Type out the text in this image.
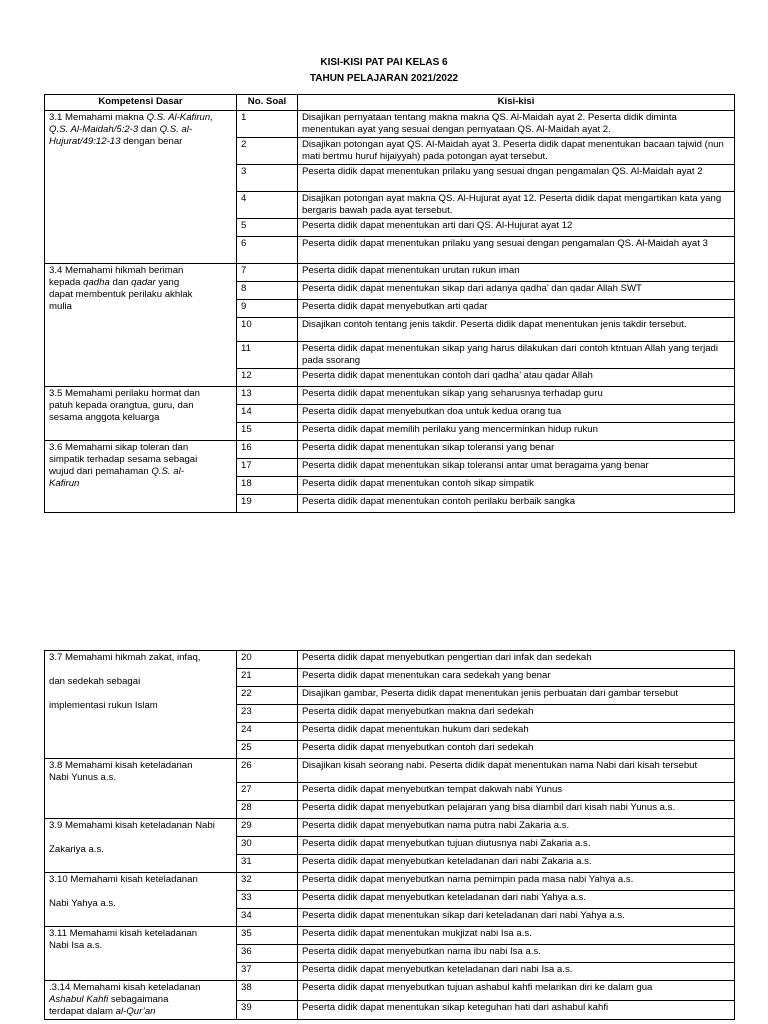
KISI-KISI PAT PAI KELAS 6
TAHUN PELAJARAN 2021/2022
Kompetensi Dasar	No. Soal	Kisi-kisi
3.1 Memahami makna Q.S. Al-Kafirun,
Q.S. Al-Maidah/5:2-3 dan Q.S. al-
Hujurat/49:12-13 dengan benar	1	Disajikan pernyataan tentang makna makna QS. Al-Maidah ayat 2. Peserta didik diminta menentukan ayat yang sesuai dengan pernyataan QS. Al-Maidah ayat 2.
	2	Disajikan potongan ayat QS. Al-Maidah ayat 3. Peserta didik dapat menentukan bacaan tajwid (nun mati bertmu huruf hijaiyyah) pada potongan ayat tersebut.
	3	Peserta didik dapat menentukan prilaku yang sesuai dngan pengamalan QS. Al-Maidah ayat 2
	4	Disajikan potongan ayat makna QS. Al-Hujurat ayat 12. Peserta didik dapat mengartikan kata yang bergaris bawah pada ayat tersebut.
	5	Peserta didik dapat menentukan arti dari QS. Al-Hujurat ayat 12
	6	Peserta didik dapat menentukan prilaku yang sesuai dengan pengamalan QS. Al-Maidah ayat 3
3.4 Memahami hikmah beriman
kepada qadha dan qadar yang
dapat membentuk perilaku akhlak
mulia	7	Peserta didik dapat menentukan urutan rukun iman
	8	Peserta didik dapat menentukan sikap dari adanya qadha’ dan qadar Allah SWT
	9	Peserta didik dapat menyebutkan arti qadar
	10	Disajikan contoh tentang jenis takdir. Peserta didik dapat menentukan jenis takdir tersebut.
	11	Peserta didik dapat menentukan sikap yang harus dilakukan dari contoh ktntuan Allah yang terjadi pada ssorang
	12	Peserta didik dapat menentukan contoh dari qadha’ atau qadar Allah
3.5 Memahami perilaku hormat dan
patuh kepada orangtua, guru, dan
sesama anggota keluarga	13	Peserta didik dapat menentukan sikap yang seharusnya terhadap guru
	14	Peserta didik dapat menyebutkan doa untuk kedua orang tua
	15	Peserta didik dapat memilih perilaku yang mencerminkan hidup rukun
3.6 Memahami sikap toleran dan
simpatik terhadap sesama sebagai
wujud dari pemahaman Q.S. al-
Kafirun	16	Peserta didik dapat menentukan sikap toleransi yang benar
	17	Peserta didik dapat menentukan sikap toleransi antar umat beragama yang benar
	18	Peserta didik dapat menentukan contoh sikap simpatik
	19	Peserta didik dapat menentukan contoh perilaku berbaik sangka
3.7 Memahami hikmah zakat, infaq,

dan sedekah sebagai

implementasi rukun Islam	20	Peserta didik dapat menyebutkan pengertian dari infak dan sedekah
	21	Peserta didik dapat menentukan cara sedekah yang benar
	22	Disajikan gambar, Peserta didik dapat menentukan jenis perbuatan dari gambar tersebut
	23	Peserta didik dapat menyebutkan makna dari sedekah
	24	Peserta didik dapat menentukan hukum dari sedekah
	25	Peserta didik dapat menyebutkan contoh dari sedekah
3.8 Memahami kisah keteladanan
Nabi Yunus a.s.	26	Disajikan kisah seorang nabi. Peserta didik dapat menentukan nama Nabi dari kisah tersebut
	27	Peserta didik dapat menyebutkan tempat dakwah nabi Yunus
	28	Peserta didik dapat menyebutkan pelajaran yang bisa diambil dari kisah nabi Yunus a.s.
3.9 Memahami kisah keteladanan Nabi

Zakariya a.s.	29	Peserta didik dapat menyebutkan nama putra nabi Zakaria a.s.
	30	Peserta didik dapat menyebutkan tujuan diutusnya nabi Zakaria a.s.
	31	Peserta didik dapat menyebutkan keteladanan dari nabi Zakaria a.s.
3.10 Memahami kisah keteladanan

Nabi Yahya a.s.	32	Peserta didik dapat menyebutkan nama pemimpin pada masa nabi Yahya a.s.
	33	Peserta didik dapat menyebutkan keteladanan dari nabi Yahya a.s.
	34	Peserta didik dapat menentukan sikap dari keteladanan dari nabi Yahya a.s.
3.11 Memahami kisah keteladanan
Nabi Isa a.s.	35	Peserta didik dapat menentukan mukjizat nabi Isa a.s.
	36	Peserta didik dapat menyebutkan nama ibu nabi Isa a.s.
	37	Peserta didik dapat menyebutkan keteladanan dari nabi Isa a.s.
.3.14 Memahami kisah keteladanan
Ashabul Kahfi sebagaimana
terdapat dalam al-Qur’an	38	Peserta didik dapat menyebutkan tujuan ashabul kahfi melarikan diri ke dalam gua
	39	Peserta didik dapat menentukan sikap keteguhan hati dari ashabul kahfi
